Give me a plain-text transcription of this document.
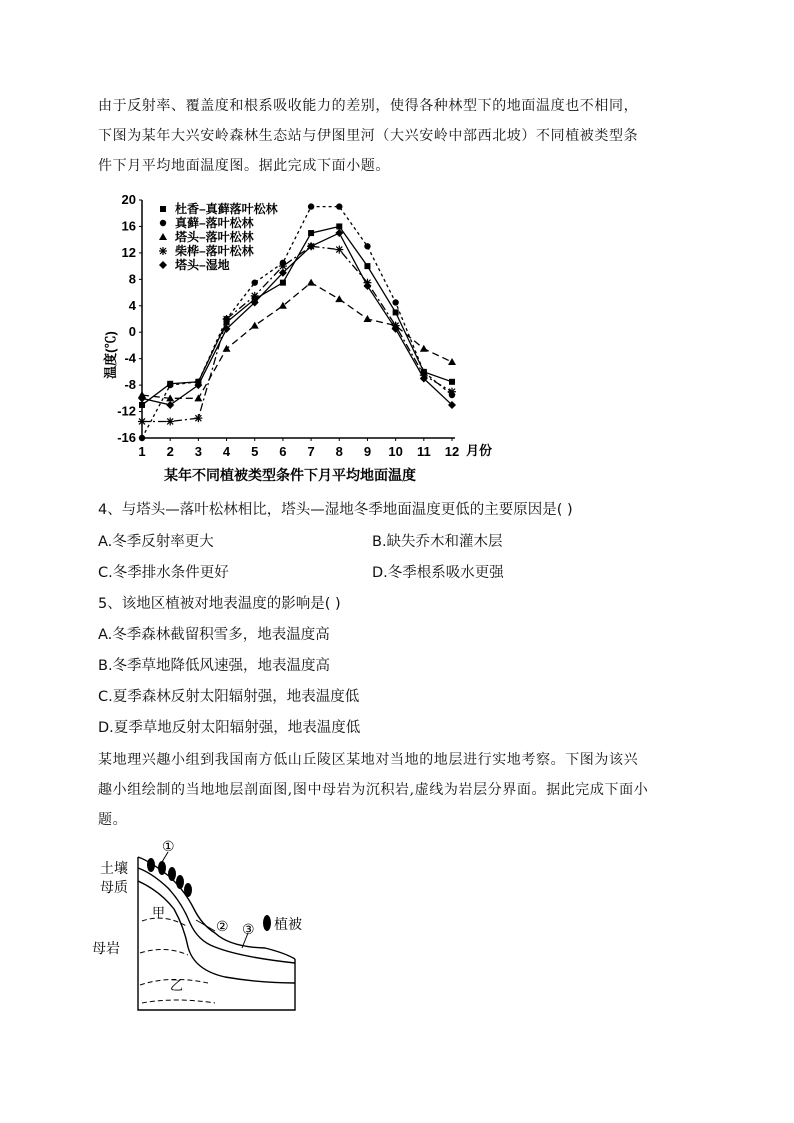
由于反射率、覆盖度和根系吸收能力的差别，使得各种林型下的地面温度也不相同，
下图为某年大兴安岭森林生态站与伊图里河（大兴安岭中部西北坡）不同植被类型条
件下月平均地面温度图。据此完成下面小题。
-16
-12
-8
-4
0
4
8
12
16
20
1 2 3 4 5 6 7 8 9 10 11 12 月份
温度(℃)
某年不同植被类型条件下月平均地面温度
杜香–真藓落叶松林
真藓–落叶松林
塔头–落叶松林
柴桦–落叶松林
塔头–湿地
4、与塔头—落叶松林相比，塔头—湿地冬季地面温度更低的主要原因是( )
A.冬季反射率更大	B.缺失乔木和灌木层
C.冬季排水条件更好	D.冬季根系吸水更强
5、该地区植被对地表温度的影响是( )
A.冬季森林截留积雪多，地表温度高
B.冬季草地降低风速强，地表温度高
C.夏季森林反射太阳辐射强，地表温度低
D.夏季草地反射太阳辐射强，地表温度低
某地理兴趣小组到我国南方低山丘陵区某地对当地的地层进行实地考察。下图为该兴
趣小组绘制的当地地层剖面图,图中母岩为沉积岩,虚线为岩层分界面。据此完成下面小
题。
土壤
母质
母岩
甲
乙
①
② ③ 植被
